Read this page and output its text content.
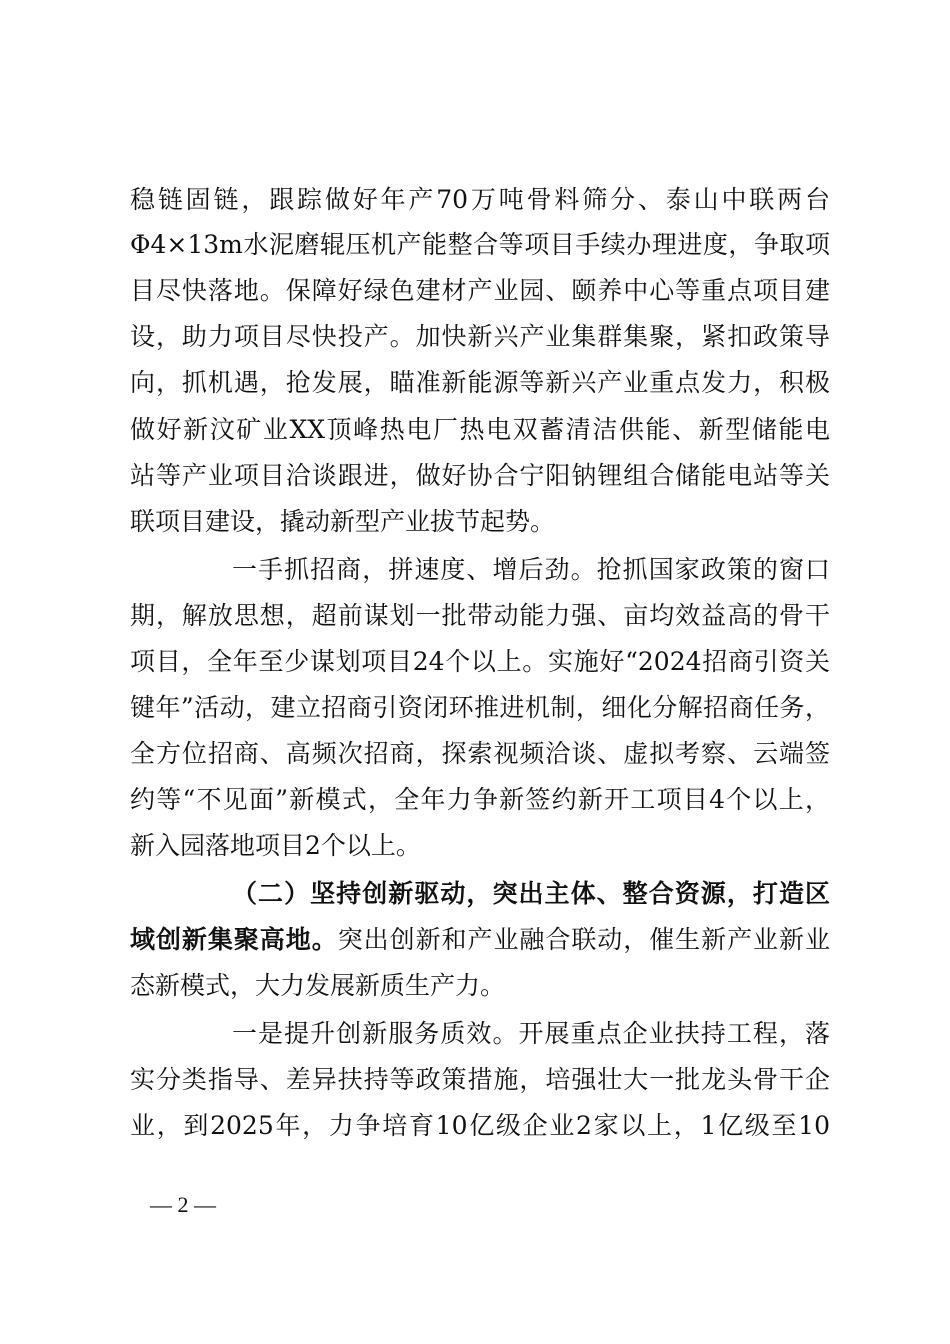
稳链固链，跟踪做好年产70万吨骨料筛分、泰山中联两台
Φ4×13m水泥磨辊压机产能整合等项目手续办理进度，争取项
目尽快落地。保障好绿色建材产业园、颐养中心等重点项目建
设，助力项目尽快投产。加快新兴产业集群集聚，紧扣政策导
向，抓机遇，抢发展，瞄准新能源等新兴产业重点发力，积极
做好新汶矿业XX顶峰热电厂热电双蓄清洁供能、新型储能电
站等产业项目洽谈跟进，做好协合宁阳钠锂组合储能电站等关
联项目建设，撬动新型产业拔节起势。
一手抓招商，拼速度、增后劲。抢抓国家政策的窗口
期，解放思想，超前谋划一批带动能力强、亩均效益高的骨干
项目，全年至少谋划项目24个以上。实施好“2024招商引资关
键年”活动，建立招商引资闭环推进机制，细化分解招商任务，
全方位招商、高频次招商，探索视频洽谈、虚拟考察、云端签
约等“不见面”新模式，全年力争新签约新开工项目4个以上，
新入园落地项目2个以上。
（二）坚持创新驱动，突出主体、整合资源，打造区
域创新集聚高地。突出创新和产业融合联动，催生新产业新业
态新模式，大力发展新质生产力。
一是提升创新服务质效。开展重点企业扶持工程，落
实分类指导、差异扶持等政策措施，培强壮大一批龙头骨干企
业，到2025年，力争培育10亿级企业2家以上，1亿级至10
— 2 —
